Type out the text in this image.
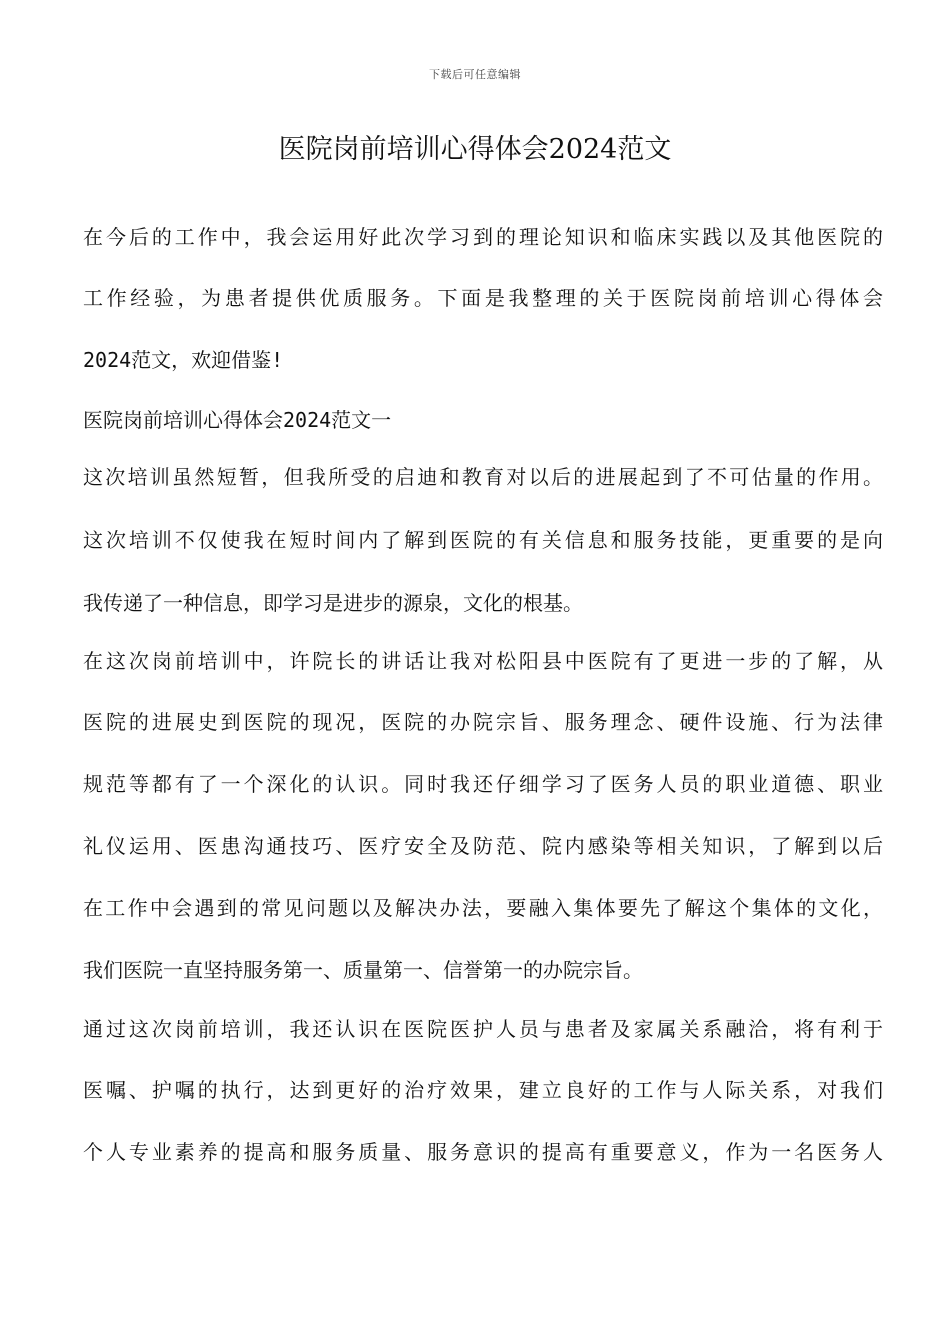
下载后可任意编辑
医院岗前培训心得体会2024范文

在今后的工作中，我会运用好此次学习到的理论知识和临床实践以及其他医院的

工作经验，为患者提供优质服务。下面是我整理的关于医院岗前培训心得体会

2024范文，欢迎借鉴!

医院岗前培训心得体会2024范文一

这次培训虽然短暂，但我所受的启迪和教育对以后的进展起到了不可估量的作用。

这次培训不仅使我在短时间内了解到医院的有关信息和服务技能，更重要的是向

我传递了一种信息，即学习是进步的源泉，文化的根基。

在这次岗前培训中，许院长的讲话让我对松阳县中医院有了更进一步的了解，从

医院的进展史到医院的现况，医院的办院宗旨、服务理念、硬件设施、行为法律

规范等都有了一个深化的认识。同时我还仔细学习了医务人员的职业道德、职业

礼仪运用、医患沟通技巧、医疗安全及防范、院内感染等相关知识，了解到以后

在工作中会遇到的常见问题以及解决办法，要融入集体要先了解这个集体的文化，

我们医院一直坚持服务第一、质量第一、信誉第一的办院宗旨。

通过这次岗前培训，我还认识在医院医护人员与患者及家属关系融洽，将有利于

医嘱、护嘱的执行，达到更好的治疗效果，建立良好的工作与人际关系，对我们

个人专业素养的提高和服务质量、服务意识的提高有重要意义，作为一名医务人
